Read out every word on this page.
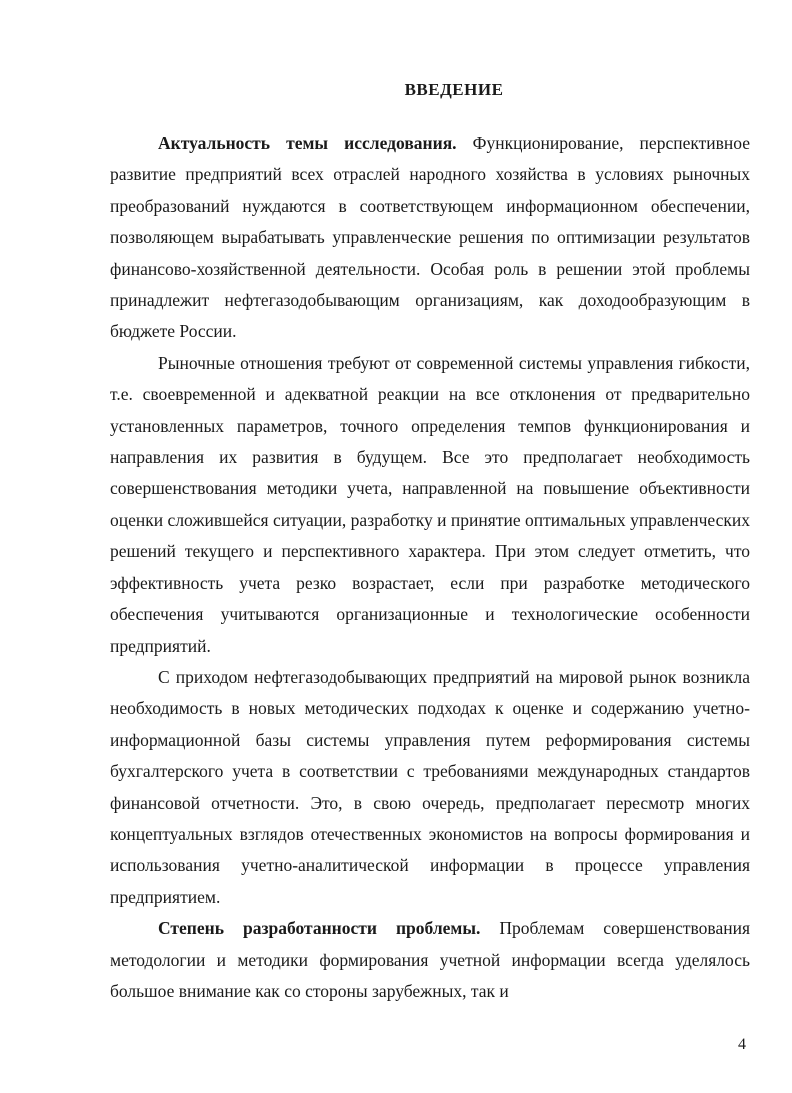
ВВЕДЕНИЕ

Актуальность темы исследования. Функционирование, перспективное развитие предприятий всех отраслей народного хозяйства в условиях рыночных преобразований нуждаются в соответствующем информационном обеспечении, позволяющем вырабатывать управленческие решения по оптимизации результатов финансово-хозяйственной деятельности. Особая роль в решении этой проблемы принадлежит нефтегазодобывающим организациям, как доходообразующим в бюджете России.

Рыночные отношения требуют от современной системы управления гибкости, т.е. своевременной и адекватной реакции на все отклонения от предварительно установленных параметров, точного определения темпов функционирования и направления их развития в будущем. Все это предполагает необходимость совершенствования методики учета, направленной на повышение объективности оценки сложившейся ситуации, разработку и принятие оптимальных управленческих решений текущего и перспективного характера. При этом следует отметить, что эффективность учета резко возрастает, если при разработке методического обеспечения учитываются организационные и технологические особенности предприятий.

С приходом нефтегазодобывающих предприятий на мировой рынок возникла необходимость в новых методических подходах к оценке и содержанию учетно-информационной базы системы управления путем реформирования системы бухгалтерского учета в соответствии с требованиями международных стандартов финансовой отчетности. Это, в свою очередь, предполагает пересмотр многих концептуальных взглядов отечественных экономистов на вопросы формирования и использования учетно-аналитической информации в процессе управления предприятием.

Степень разработанности проблемы. Проблемам совершенствования методологии и методики формирования учетной информации всегда уделялось большое внимание как со стороны зарубежных, так и

4
